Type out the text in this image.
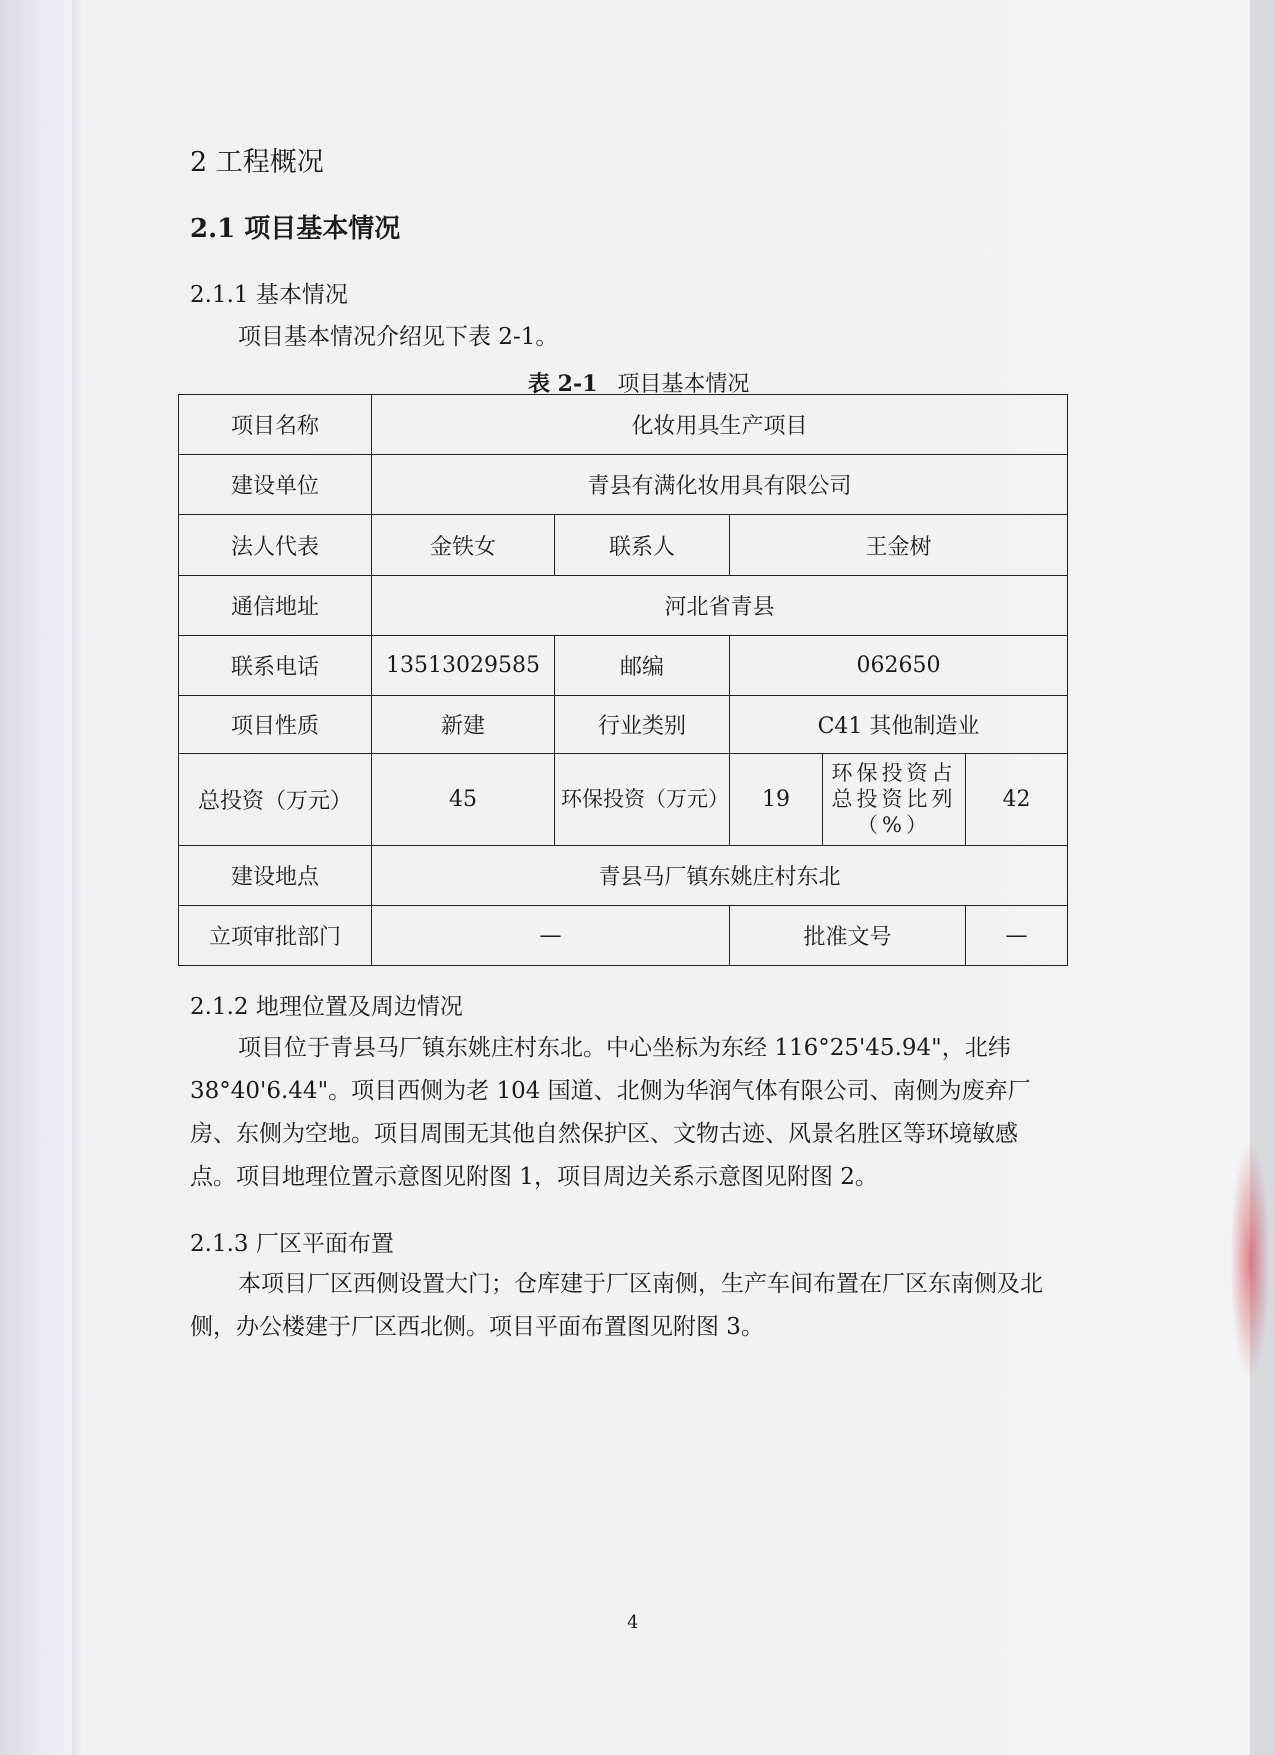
2 工程概况
2.1 项目基本情况
2.1.1 基本情况
项目基本情况介绍见下表 2-1。
表 2-1 项目基本情况
项目名称	化妆用具生产项目				
建设单位	青县有满化妆用具有限公司				
法人代表	金铁女	联系人	王金树		
通信地址	河北省青县				
联系电话	13513029585	邮编	062650		
项目性质	新建	行业类别	C41 其他制造业		
总投资（万元）	45	环保投资（万元）	19	环保投资占总投资比列（%）	42
建设地点	青县马厂镇东姚庄村东北				
立项审批部门	—		批准文号		—
2.1.2 地理位置及周边情况
项目位于青县马厂镇东姚庄村东北。中心坐标为东经 116°25'45.94"，北纬 38°40'6.44"。项目西侧为老 104 国道、北侧为华润气体有限公司、南侧为废弃厂房、东侧为空地。项目周围无其他自然保护区、文物古迹、风景名胜区等环境敏感点。项目地理位置示意图见附图 1，项目周边关系示意图见附图 2。
2.1.3 厂区平面布置
本项目厂区西侧设置大门；仓库建于厂区南侧，生产车间布置在厂区东南侧及北侧，办公楼建于厂区西北侧。项目平面布置图见附图 3。
4
